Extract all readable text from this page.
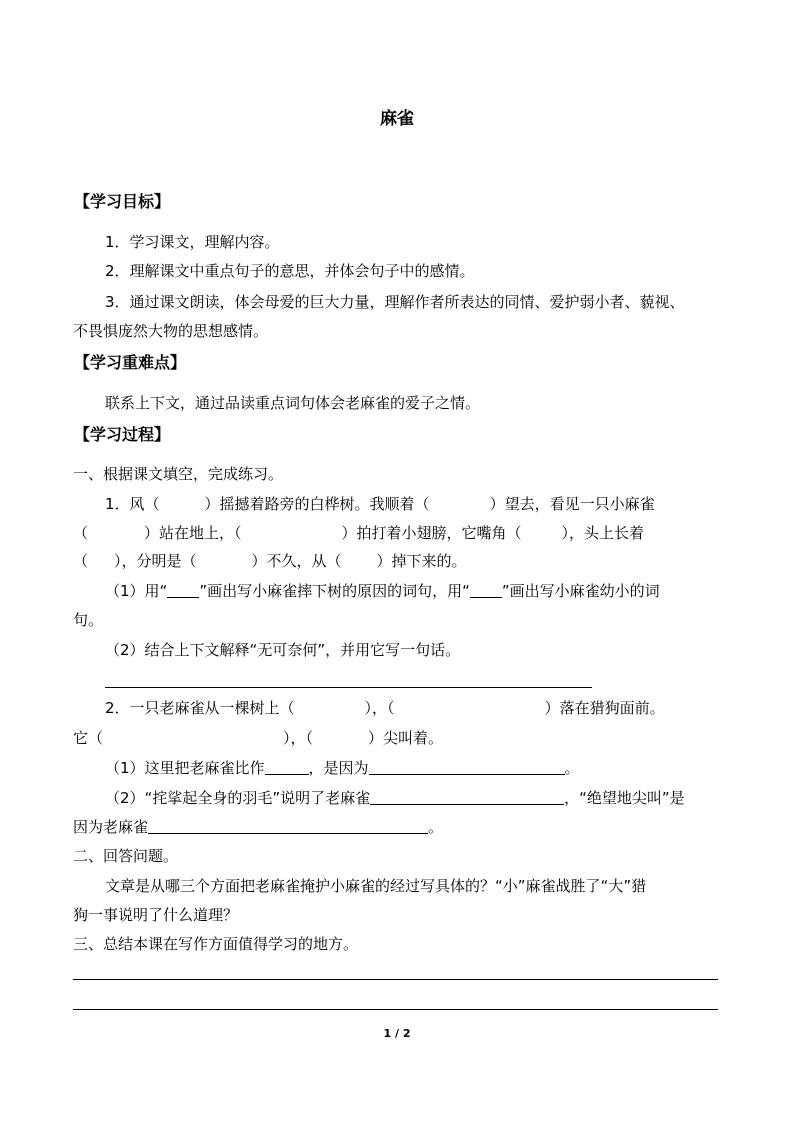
麻雀
【学习目标】
1．学习课文，理解内容。
2．理解课文中重点句子的意思，并体会句子中的感情。
3．通过课文朗读，体会母爱的巨大力量，理解作者所表达的同情、爱护弱小者、藐视、
不畏惧庞然大物的思想感情。
【学习重难点】
联系上下文，通过品读重点词句体会老麻雀的爱子之情。
【学习过程】
一、根据课文填空，完成练习。
1．风（	）摇撼着路旁的白桦树。我顺着（	）望去，看见一只小麻雀
（	）站在地上，（	）拍打着小翅膀，它嘴角（	），头上长着
（ ），分明是（	）不久，从（ ）掉下来的。
（1）用“ ”画出写小麻雀摔下树的原因的词句，用“ ”画出写小麻雀幼小的词
句。
（2）结合上下文解释“无可奈何”，并用它写一句话。
2．一只老麻雀从一棵树上（	），（	）落在猎狗面前。
它（	），（	）尖叫着。
（1）这里把老麻雀比作	，是因为	。
（2）“挓挲起全身的羽毛”说明了老麻雀	，“绝望地尖叫”是
因为老麻雀	。
二、回答问题。
文章是从哪三个方面把老麻雀掩护小麻雀的经过写具体的？“小”麻雀战胜了“大”猎
狗一事说明了什么道理？
三、总结本课在写作方面值得学习的地方。
1 / 2
